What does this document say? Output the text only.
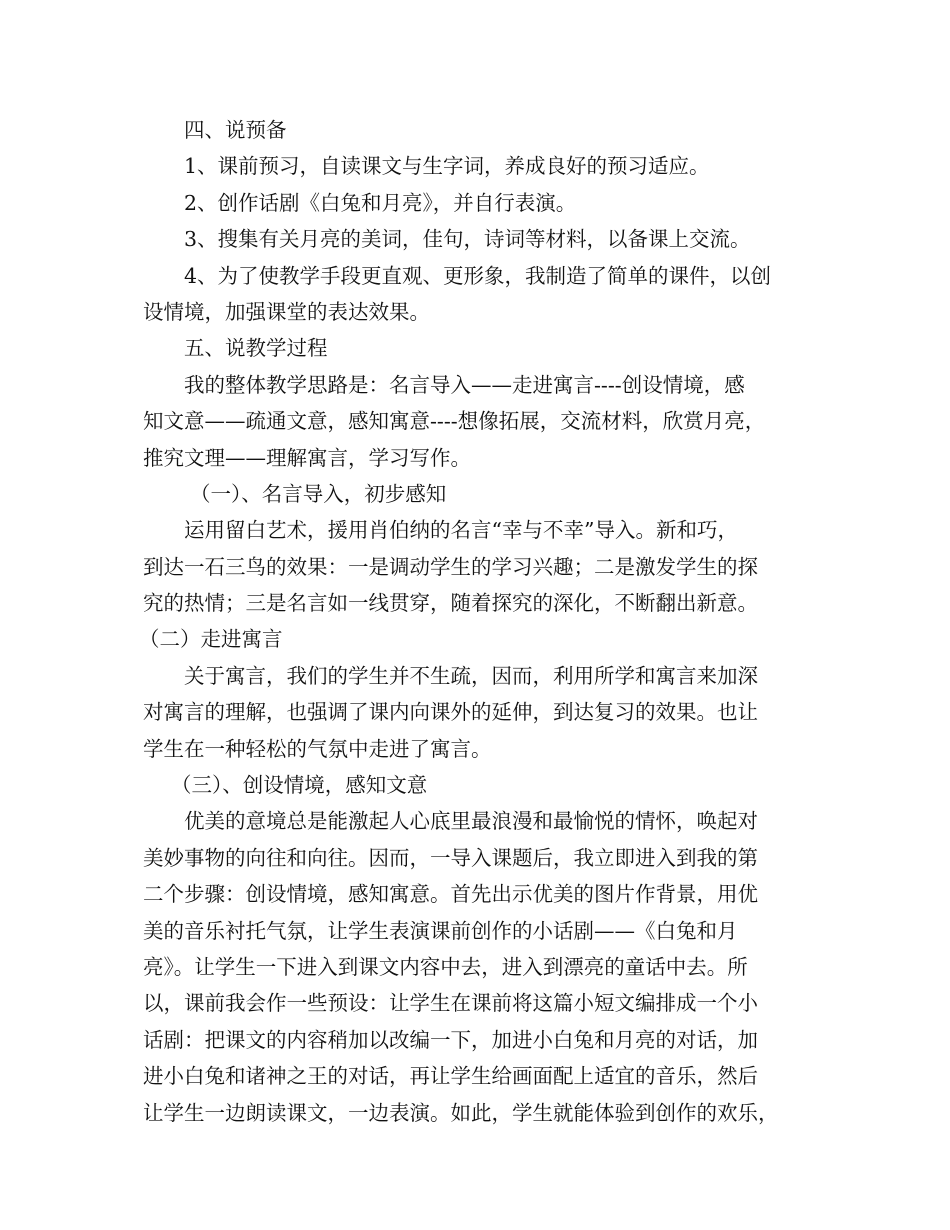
四、说预备
1、课前预习，自读课文与生字词，养成良好的预习适应。
2、创作话剧《白兔和月亮》，并自行表演。
3、搜集有关月亮的美词，佳句，诗词等材料，以备课上交流。
4、为了使教学手段更直观、更形象，我制造了简单的课件，以创
设情境，加强课堂的表达效果。
五、说教学过程
我的整体教学思路是：名言导入——走进寓言----创设情境，感
知文意——疏通文意，感知寓意----想像拓展，交流材料，欣赏月亮，
推究文理——理解寓言，学习写作。
（一）、名言导入，初步感知
运用留白艺术，援用肖伯纳的名言“幸与不幸”导入。新和巧，
到达一石三鸟的效果：一是调动学生的学习兴趣；二是激发学生的探
究的热情；三是名言如一线贯穿，随着探究的深化，不断翻出新意。
（二）走进寓言
关于寓言，我们的学生并不生疏，因而，利用所学和寓言来加深
对寓言的理解，也强调了课内向课外的延伸，到达复习的效果。也让
学生在一种轻松的气氛中走进了寓言。
（三）、创设情境，感知文意
优美的意境总是能激起人心底里最浪漫和最愉悦的情怀，唤起对
美妙事物的向往和向往。因而，一导入课题后，我立即进入到我的第
二个步骤：创设情境，感知寓意。首先出示优美的图片作背景，用优
美的音乐衬托气氛，让学生表演课前创作的小话剧——《白兔和月
亮》。让学生一下进入到课文内容中去，进入到漂亮的童话中去。所
以，课前我会作一些预设：让学生在课前将这篇小短文编排成一个小
话剧：把课文的内容稍加以改编一下，加进小白兔和月亮的对话，加
进小白兔和诸神之王的对话，再让学生给画面配上适宜的音乐，然后
让学生一边朗读课文，一边表演。如此，学生就能体验到创作的欢乐，
